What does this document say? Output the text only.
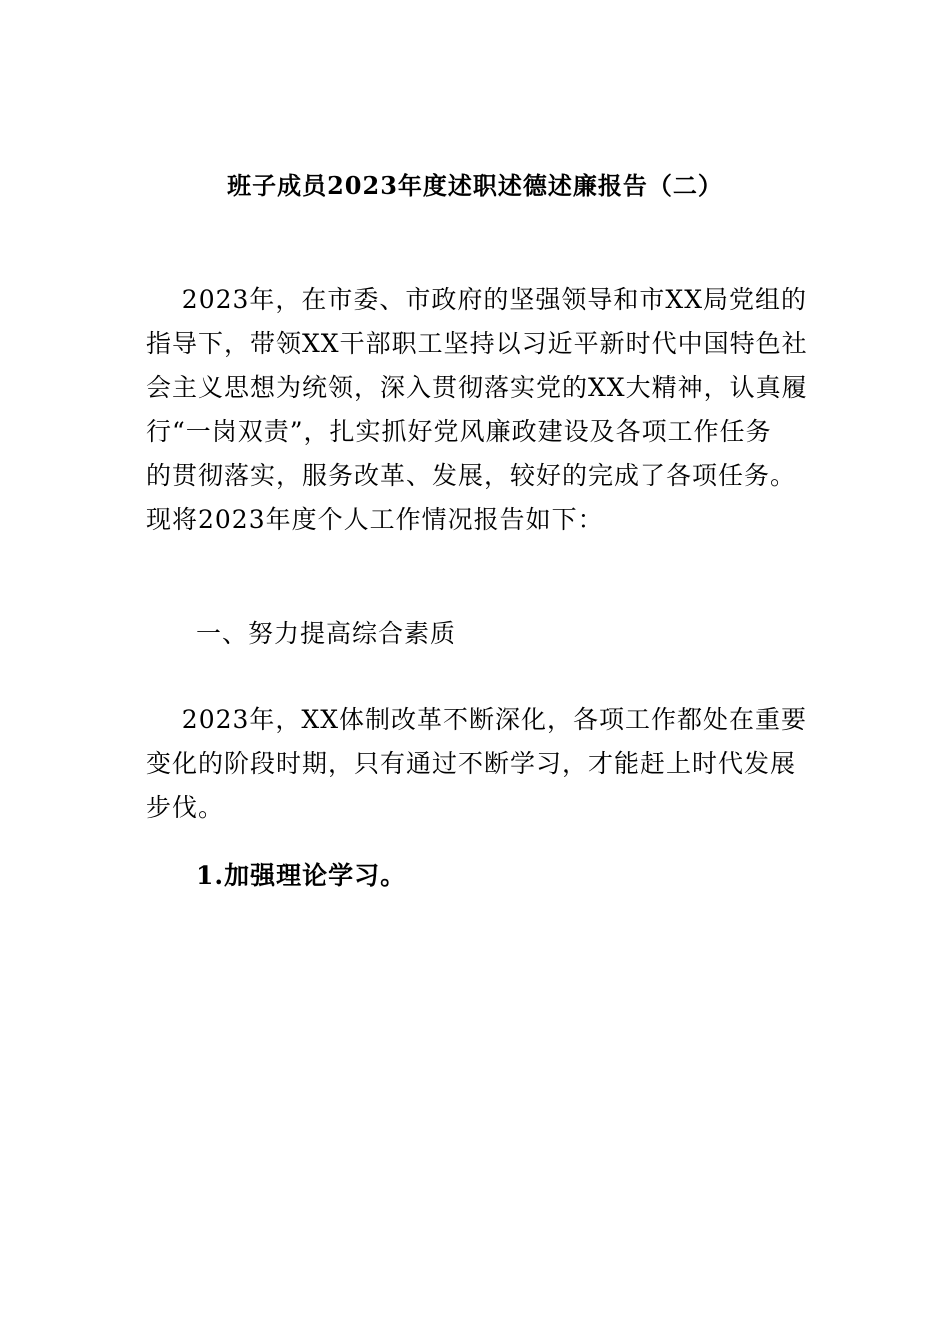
班子成员2023年度述职述德述廉报告（二）
2023年，在市委、市政府的坚强领导和市XX局党组的
指导下，带领XX干部职工坚持以习近平新时代中国特色社
会主义思想为统领，深入贯彻落实党的XX大精神，认真履
行“一岗双责”，扎实抓好党风廉政建设及各项工作任务
的贯彻落实，服务改革、发展，较好的完成了各项任务。
现将2023年度个人工作情况报告如下：
一、努力提高综合素质
2023年，XX体制改革不断深化，各项工作都处在重要
变化的阶段时期，只有通过不断学习，才能赶上时代发展
步伐。
1.加强理论学习。
